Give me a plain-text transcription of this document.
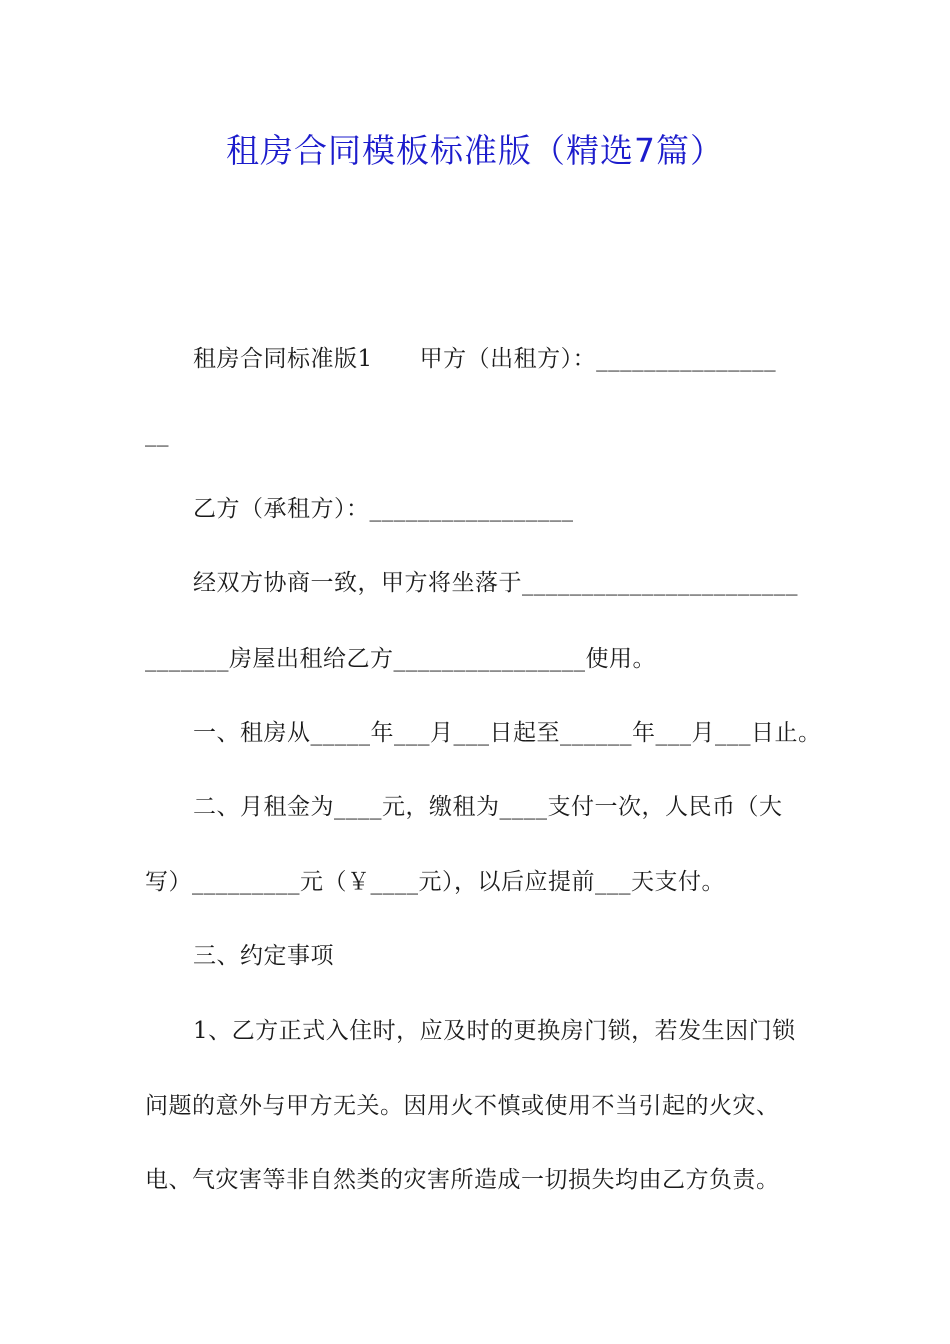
租房合同模板标准版（精选7篇）
租房合同标准版1　　甲方（出租方）：_______________
__
乙方（承租方）：_________________
经双方协商一致，甲方将坐落于_______________________
_______房屋出租给乙方________________使用。
一、租房从_____年___月___日起至______年___月___日止。
二、月租金为____元，缴租为____支付一次，人民币（大
写）_________元（￥____元），以后应提前___天支付。
三、约定事项
1、乙方正式入住时，应及时的更换房门锁，若发生因门锁
问题的意外与甲方无关。因用火不慎或使用不当引起的火灾、
电、气灾害等非自然类的灾害所造成一切损失均由乙方负责。
